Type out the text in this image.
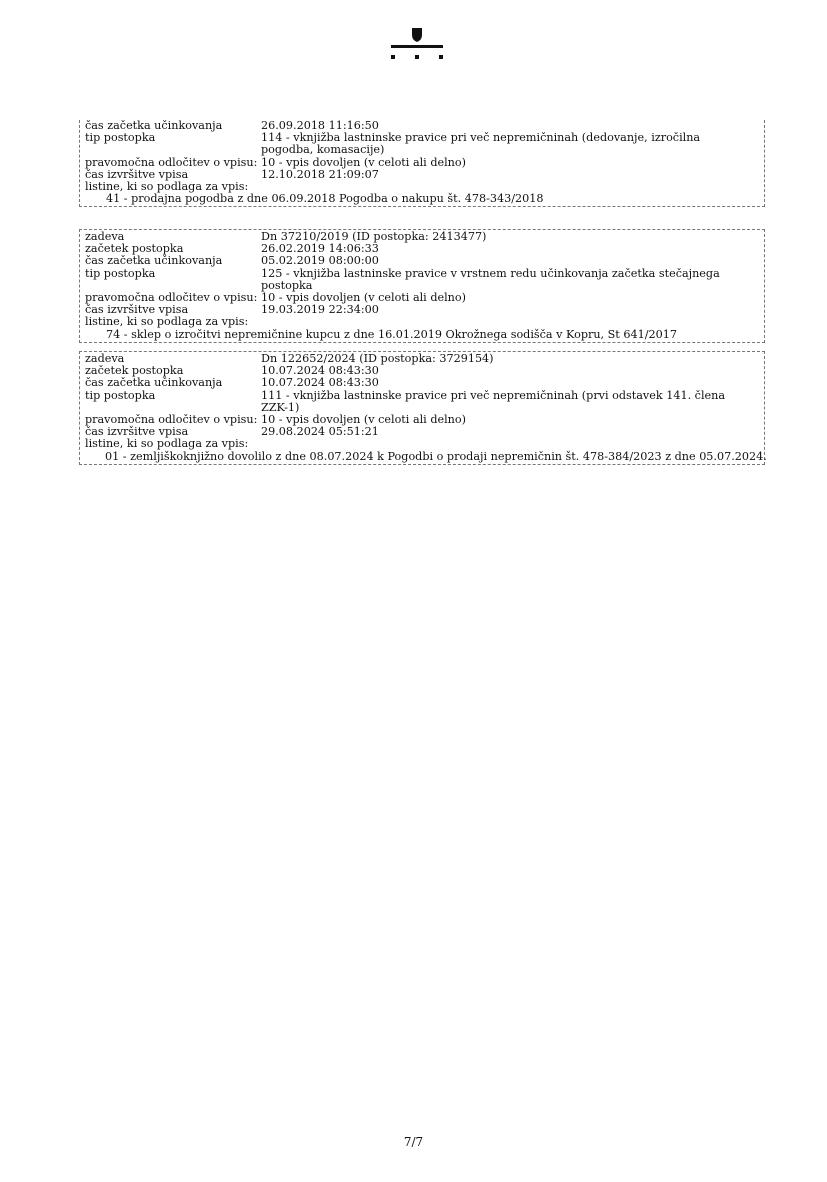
čas začetka učinkovanja	26.09.2018 11:16:50
tip postopka	114 - vknjižba lastninske pravice pri več nepremičninah (dedovanje, izročilna pogodba, komasacije)
pravomočna odločitev o vpisu: 10 - vpis dovoljen (v celoti ali delno)
čas izvršitve vpisa	12.10.2018 21:09:07
listine, ki so podlaga za vpis:
41 - prodajna pogodba z dne 06.09.2018 Pogodba o nakupu št. 478-343/2018
zadeva	Dn 37210/2019 (ID postopka: 2413477)
začetek postopka	26.02.2019 14:06:33
čas začetka učinkovanja	05.02.2019 08:00:00
tip postopka	125 - vknjižba lastninske pravice v vrstnem redu učinkovanja začetka stečajnega postopka
pravomočna odločitev o vpisu: 10 - vpis dovoljen (v celoti ali delno)
čas izvršitve vpisa	19.03.2019 22:34:00
listine, ki so podlaga za vpis:
74 - sklep o izročitvi nepremičnine kupcu z dne 16.01.2019 Okrožnega sodišča v Kopru, St 641/2017
zadeva	Dn 122652/2024 (ID postopka: 3729154)
začetek postopka	10.07.2024 08:43:30
čas začetka učinkovanja	10.07.2024 08:43:30
tip postopka	111 - vknjižba lastninske pravice pri več nepremičninah (prvi odstavek 141. člena ZZK-1)
pravomočna odločitev o vpisu: 10 - vpis dovoljen (v celoti ali delno)
čas izvršitve vpisa	29.08.2024 05:51:21
listine, ki so podlaga za vpis:
01 - zemljiškoknjižno dovolilo z dne 08.07.2024 k Pogodbi o prodaji nepremičnin št. 478-384/2023 z dne 05.07.2024.
7/7
